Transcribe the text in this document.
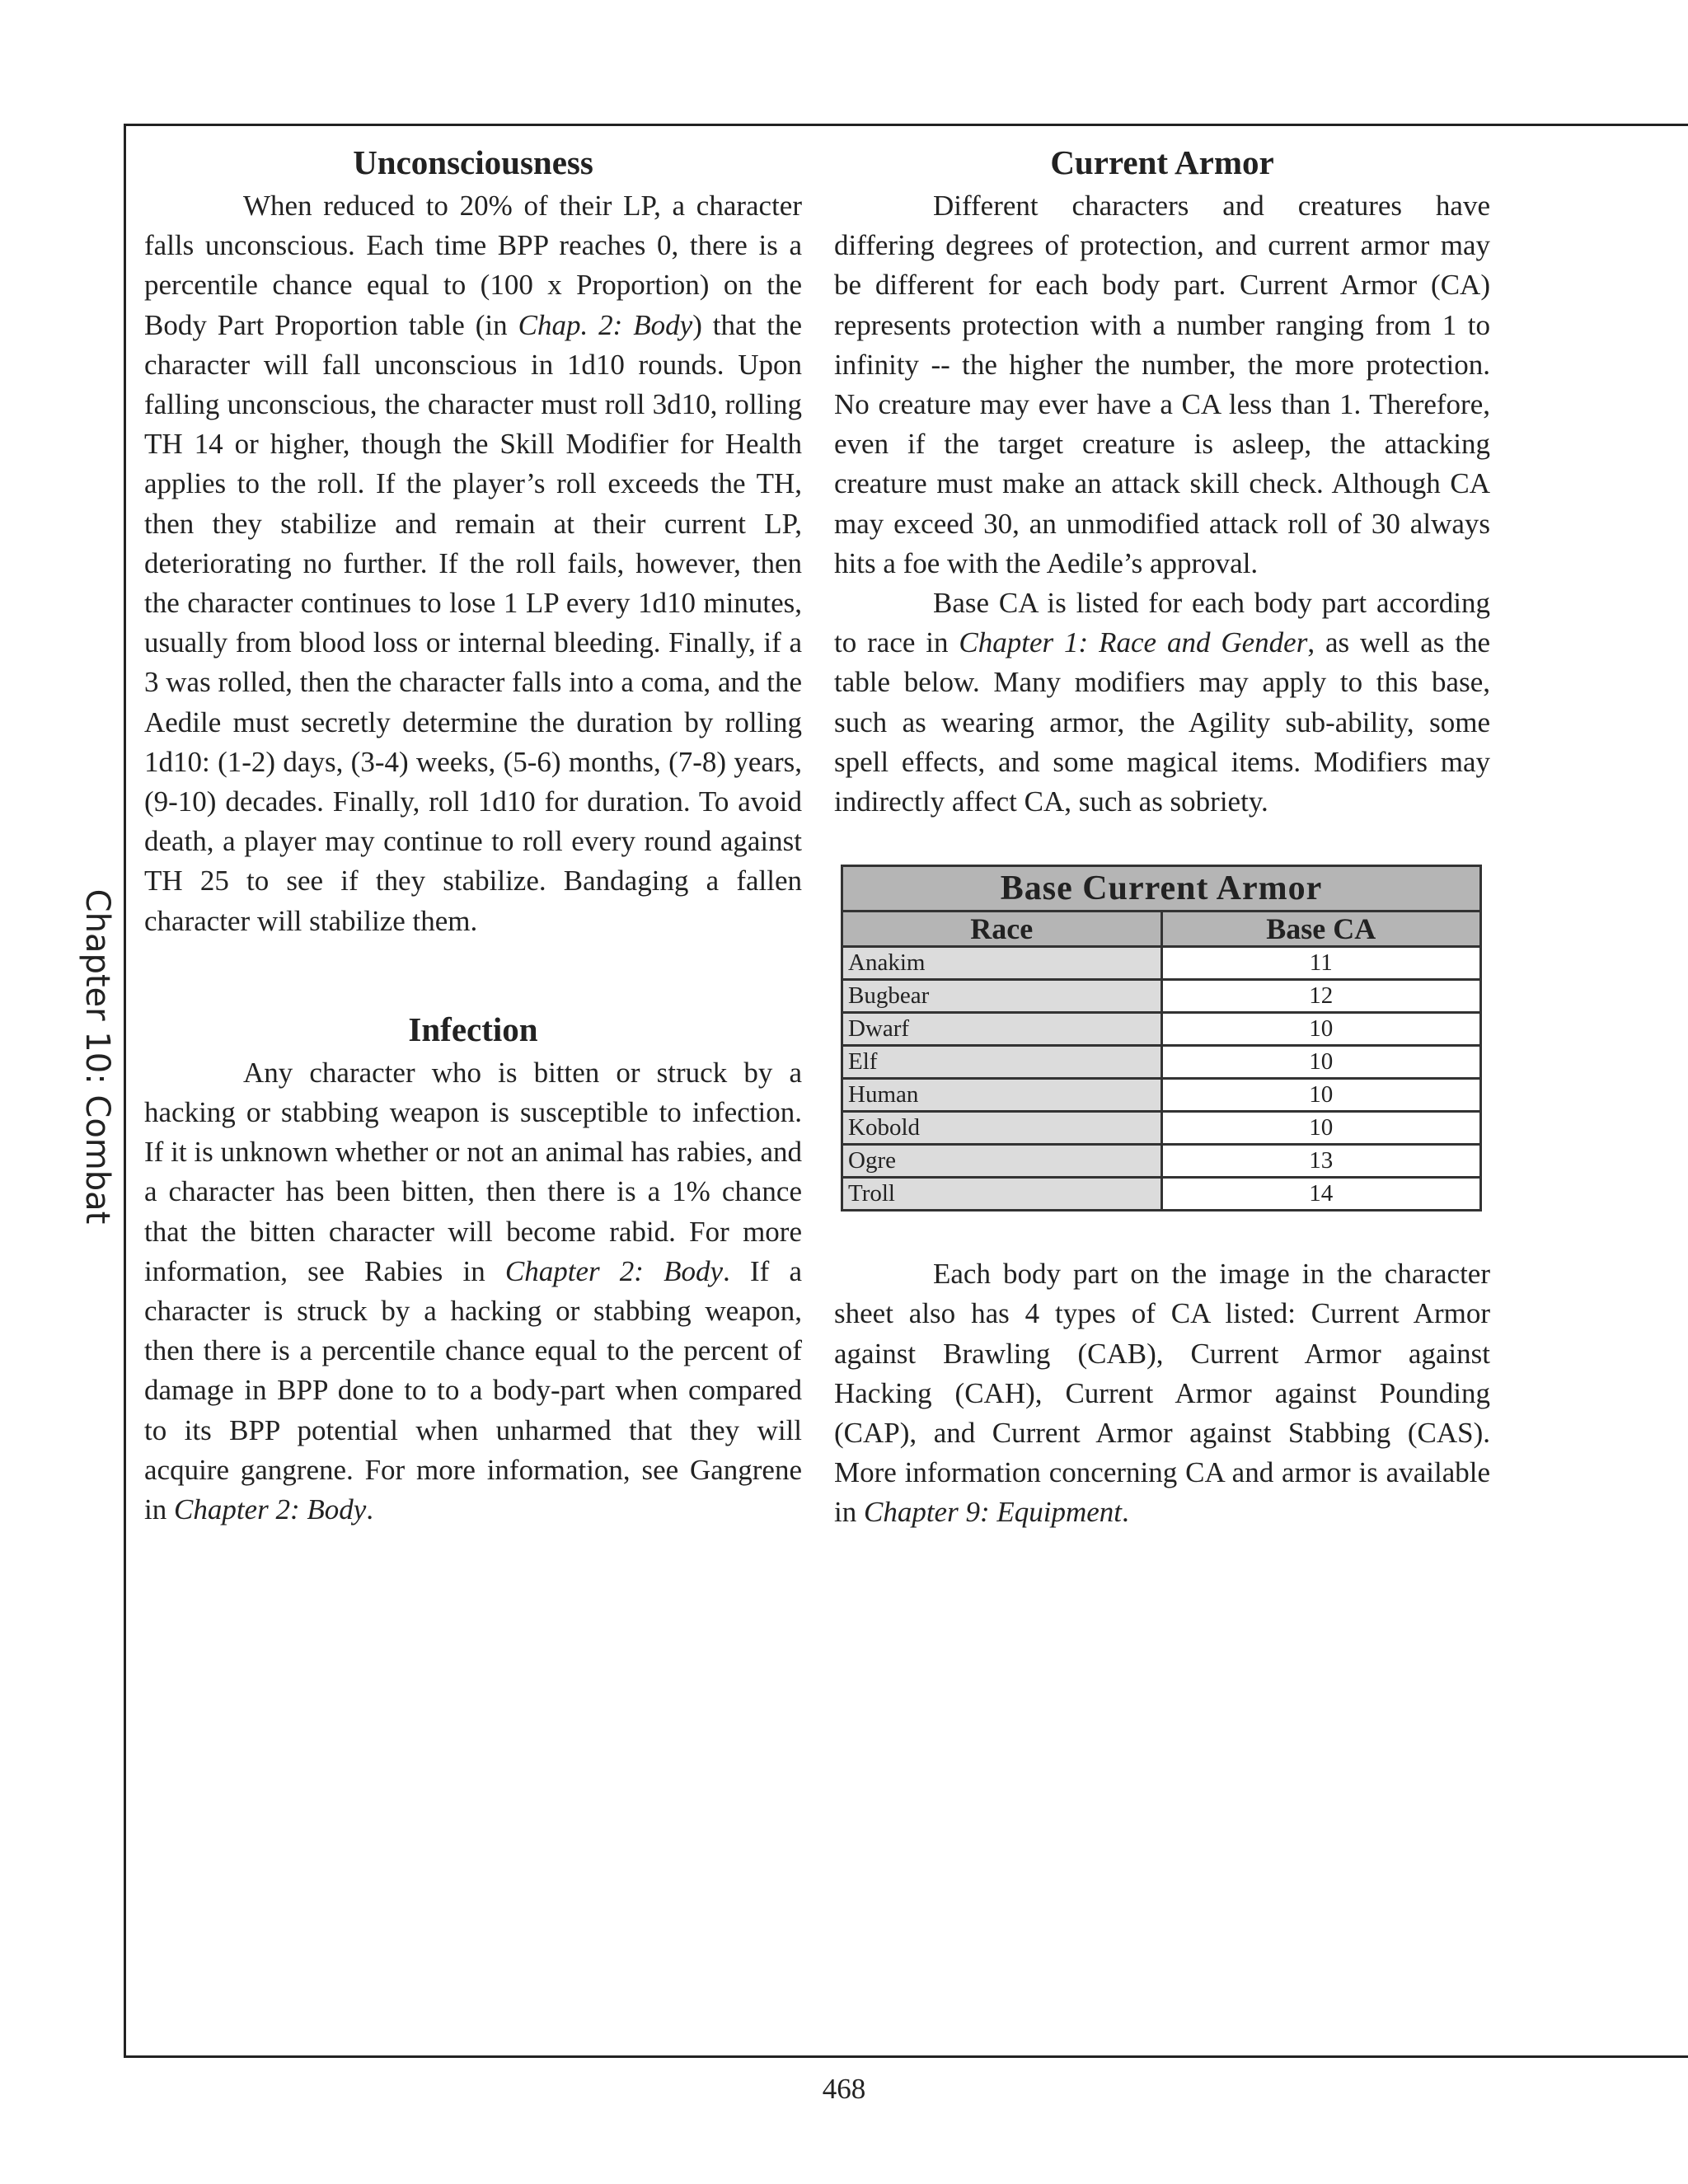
Chapter 10: Combat
Unconsciousness

When reduced to 20% of their LP, a character falls unconscious. Each time BPP reaches 0, there is a percentile chance equal to (100 x Proportion) on the Body Part Proportion table (in Chap. 2: Body) that the character will fall unconscious in 1d10 rounds. Upon falling unconscious, the character must roll 3d10, rolling TH 14 or higher, though the Skill Modifier for Health applies to the roll. If the player’s roll exceeds the TH, then they stabilize and remain at their current LP, deteriorating no further. If the roll fails, however, then the character continues to lose 1 LP every 1d10 minutes, usually from blood loss or internal bleeding. Finally, if a 3 was rolled, then the character falls into a coma, and the Aedile must secretly determine the duration by rolling 1d10: (1-2) days, (3-4) weeks, (5-6) months, (7-8) years, (9-10) decades. Finally, roll 1d10 for duration. To avoid death, a player may continue to roll every round against TH 25 to see if they stabilize. Bandaging a fallen character will stabilize them.

Infection

Any character who is bitten or struck by a hacking or stabbing weapon is susceptible to infection. If it is unknown whether or not an animal has rabies, and a character has been bitten, then there is a 1% chance that the bitten character will become rabid. For more information, see Rabies in Chapter 2: Body. If a character is struck by a hacking or stabbing weapon, then there is a percentile chance equal to the percent of damage in BPP done to to a body-part when compared to its BPP potential when unharmed that they will acquire gangrene. For more information, see Gangrene in Chapter 2: Body.

Current Armor

Different characters and creatures have differing degrees of protection, and current armor may be different for each body part. Current Armor (CA) represents protection with a number ranging from 1 to infinity -- the higher the number, the more protection. No creature may ever have a CA less than 1. Therefore, even if the target creature is asleep, the attacking creature must make an attack skill check. Although CA may exceed 30, an unmodified attack roll of 30 always hits a foe with the Aedile’s approval.

Base CA is listed for each body part according to race in Chapter 1: Race and Gender, as well as the table below. Many modifiers may apply to this base, such as wearing armor, the Agility sub-ability, some spell effects, and some magical items. Modifiers may indirectly affect CA, such as sobriety.

Base Current Armor	
Race	Base CA
Anakim	11
Bugbear	12
Dwarf	10
Elf	10
Human	10
Kobold	10
Ogre	13
Troll	14

Each body part on the image in the character sheet also has 4 types of CA listed: Current Armor against Brawling (CAB), Current Armor against Hacking (CAH), Current Armor against Pounding (CAP), and Current Armor against Stabbing (CAS). More information concerning CA and armor is available in Chapter 9: Equipment.

468
